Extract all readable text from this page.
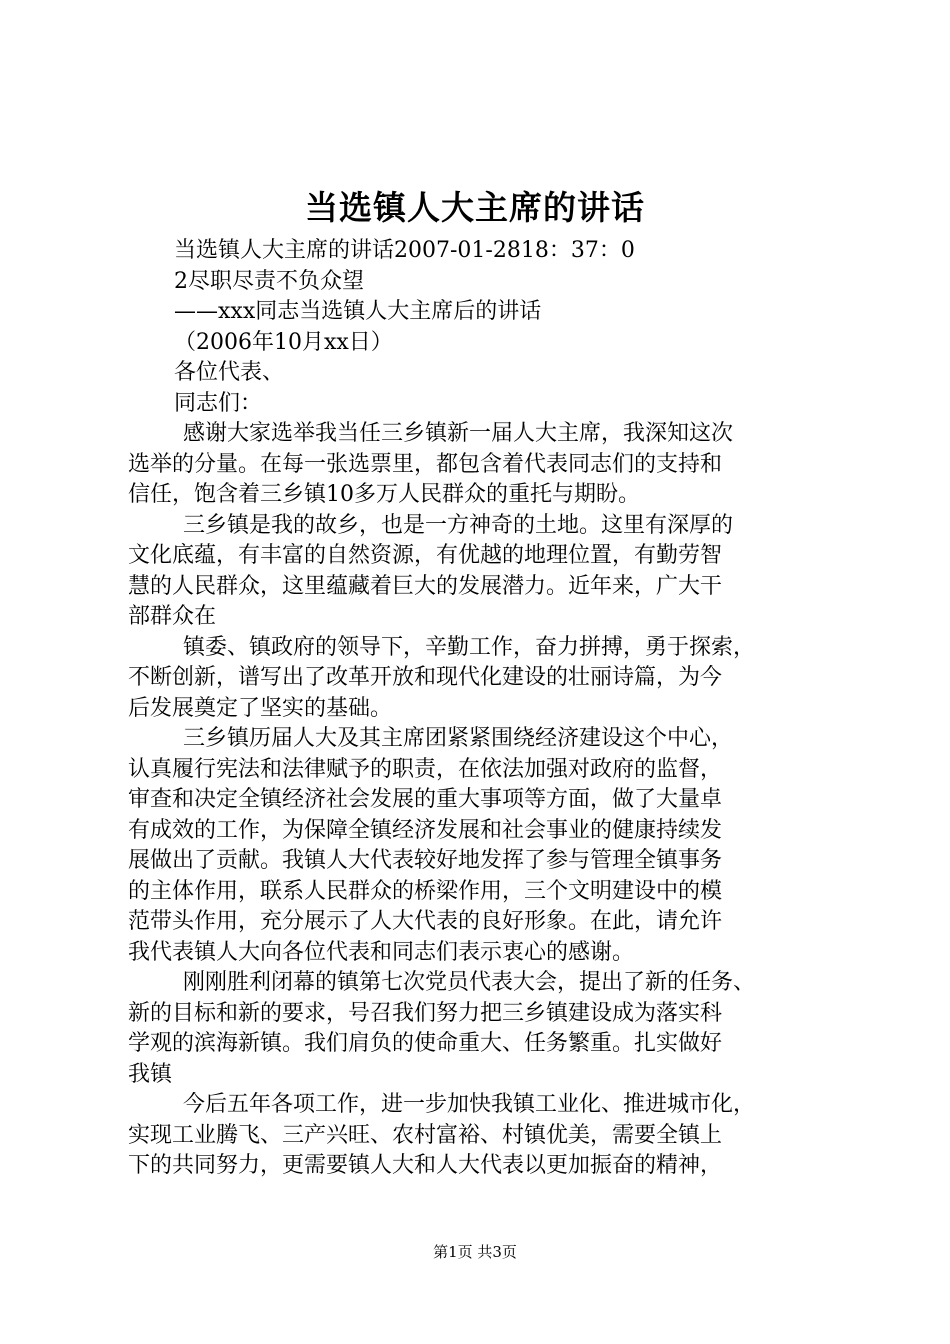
当选镇人大主席的讲话
当选镇人大主席的讲话2007-01-2818：37：0
2尽职尽责不负众望
——xxx同志当选镇人大主席后的讲话
（2006年10月xx日）
各位代表、
同志们：
感谢大家选举我当任三乡镇新一届人大主席，我深知这次
选举的分量。在每一张选票里，都包含着代表同志们的支持和
信任，饱含着三乡镇10多万人民群众的重托与期盼。
三乡镇是我的故乡，也是一方神奇的土地。这里有深厚的
文化底蕴，有丰富的自然资源，有优越的地理位置，有勤劳智
慧的人民群众，这里蕴藏着巨大的发展潜力。近年来，广大干
部群众在
镇委、镇政府的领导下，辛勤工作，奋力拼搏，勇于探索，
不断创新，谱写出了改革开放和现代化建设的壮丽诗篇，为今
后发展奠定了坚实的基础。
三乡镇历届人大及其主席团紧紧围绕经济建设这个中心，
认真履行宪法和法律赋予的职责，在依法加强对政府的监督，
审查和决定全镇经济社会发展的重大事项等方面，做了大量卓
有成效的工作，为保障全镇经济发展和社会事业的健康持续发
展做出了贡献。我镇人大代表较好地发挥了参与管理全镇事务
的主体作用，联系人民群众的桥梁作用，三个文明建设中的模
范带头作用，充分展示了人大代表的良好形象。在此，请允许
我代表镇人大向各位代表和同志们表示衷心的感谢。
刚刚胜利闭幕的镇第七次党员代表大会，提出了新的任务、
新的目标和新的要求，号召我们努力把三乡镇建设成为落实科
学观的滨海新镇。我们肩负的使命重大、任务繁重。扎实做好
我镇
今后五年各项工作，进一步加快我镇工业化、推进城市化，
实现工业腾飞、三产兴旺、农村富裕、村镇优美，需要全镇上
下的共同努力，更需要镇人大和人大代表以更加振奋的精神，
第1页 共3页
